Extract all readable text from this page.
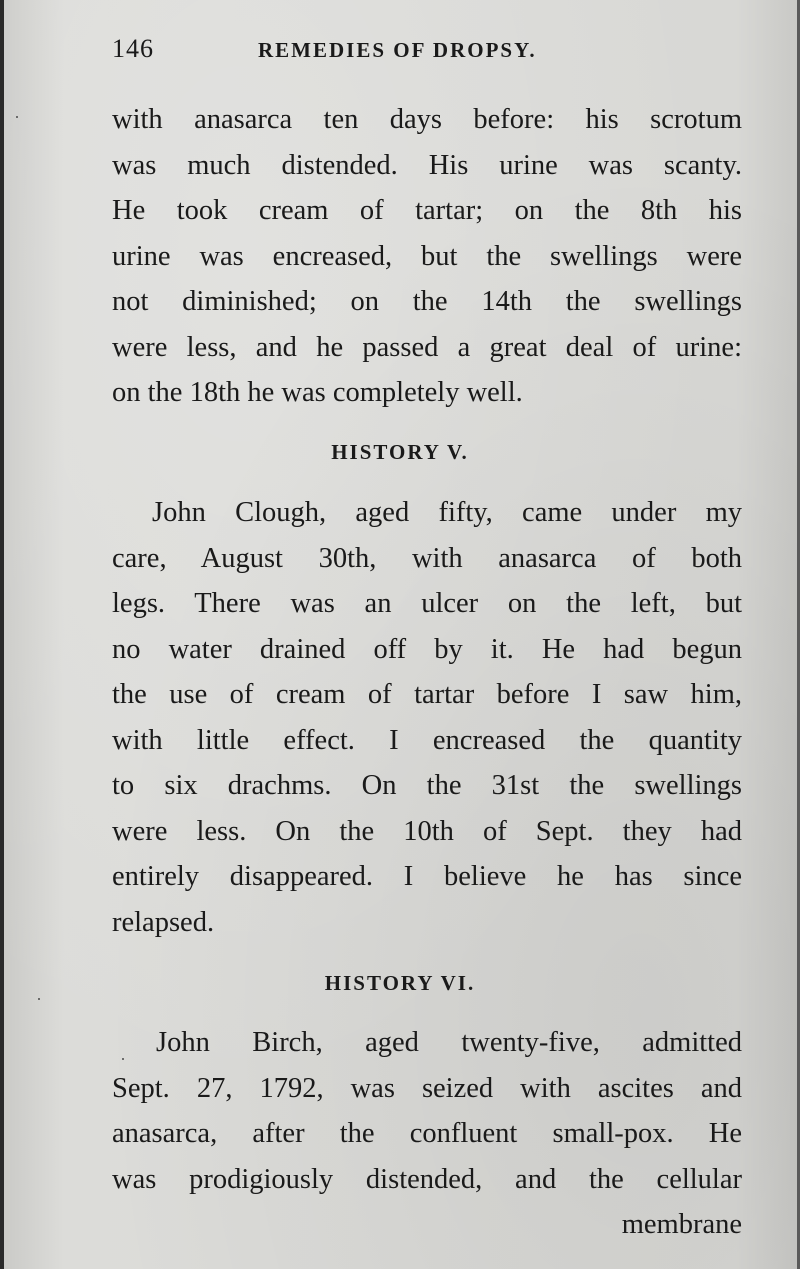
146	REMEDIES OF DROPSY.
with anasarca ten days before: his scrotum
was much distended. His urine was scanty.
He took cream of tartar; on the 8th his
urine was encreased, but the swellings were
not diminished; on the 14th the swellings
were less, and he passed a great deal of urine:
on the 18th he was completely well.
HISTORY V.
John Clough, aged fifty, came under my
care, August 30th, with anasarca of both
legs. There was an ulcer on the left, but
no water drained off by it. He had begun
the use of cream of tartar before I saw him,
with little effect. I encreased the quantity
to six drachms. On the 31st the swellings
were less. On the 10th of Sept. they had
entirely disappeared. I believe he has since
relapsed.
HISTORY VI.
John Birch, aged twenty-five, admitted
Sept. 27, 1792, was seized with ascites and
anasarca, after the confluent small-pox. He
was prodigiously distended, and the cellular
membrane
